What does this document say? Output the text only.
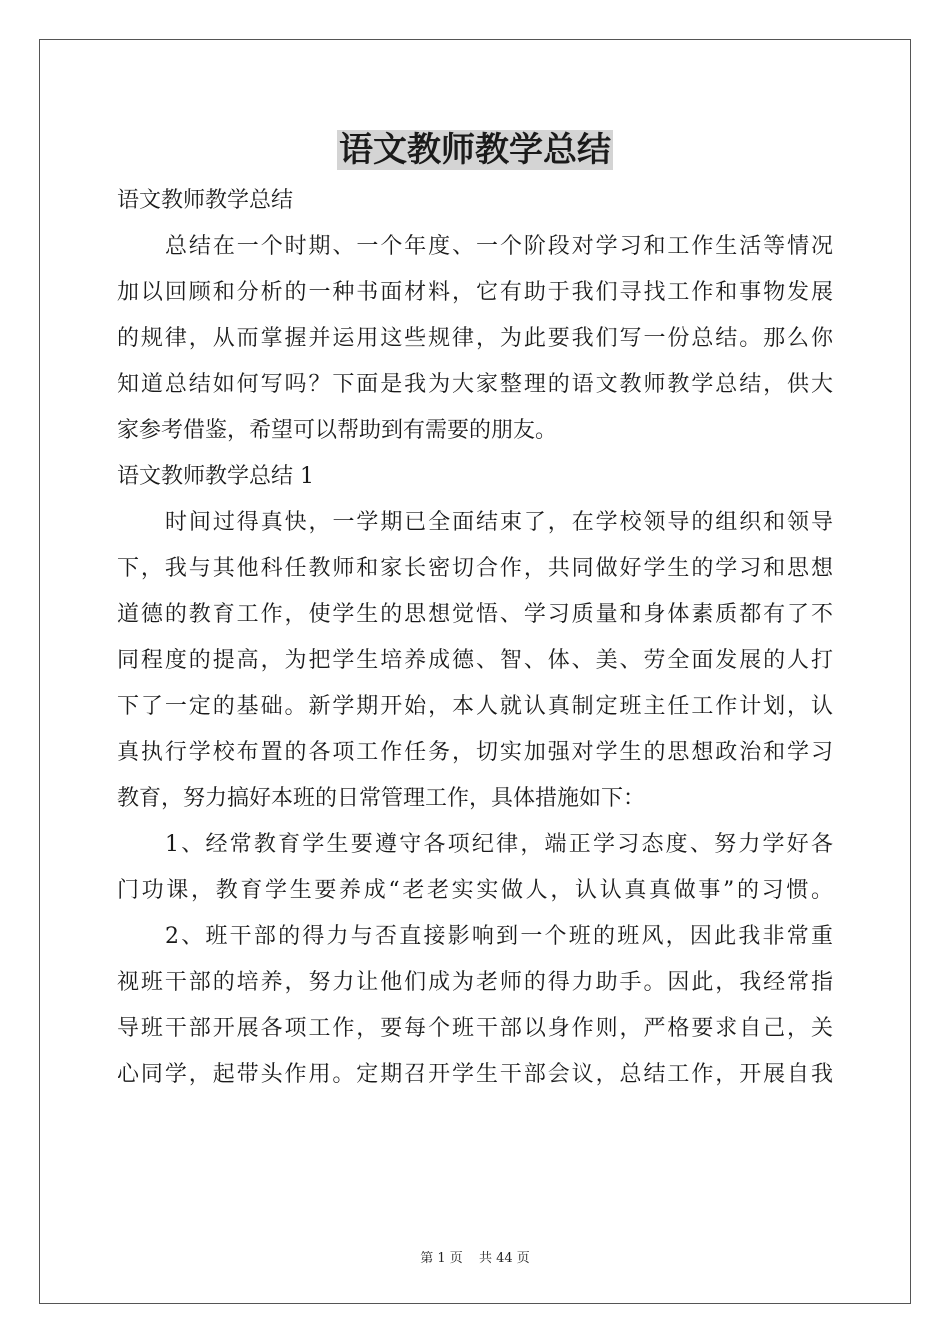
语文教师教学总结
语文教师教学总结
总结在一个时期、一个年度、一个阶段对学习和工作生活等情况
加以回顾和分析的一种书面材料，它有助于我们寻找工作和事物发展
的规律，从而掌握并运用这些规律，为此要我们写一份总结。那么你
知道总结如何写吗？下面是我为大家整理的语文教师教学总结，供大
家参考借鉴，希望可以帮助到有需要的朋友。
语文教师教学总结 1
时间过得真快，一学期已全面结束了，在学校领导的组织和领导
下，我与其他科任教师和家长密切合作，共同做好学生的学习和思想
道德的教育工作，使学生的思想觉悟、学习质量和身体素质都有了不
同程度的提高，为把学生培养成德、智、体、美、劳全面发展的人打
下了一定的基础。新学期开始，本人就认真制定班主任工作计划，认
真执行学校布置的各项工作任务，切实加强对学生的思想政治和学习
教育，努力搞好本班的日常管理工作，具体措施如下：
1、经常教育学生要遵守各项纪律，端正学习态度、努力学好各
门功课，教育学生要养成“老老实实做人，认认真真做事”的习惯。
2、班干部的得力与否直接影响到一个班的班风，因此我非常重
视班干部的培养，努力让他们成为老师的得力助手。因此，我经常指
导班干部开展各项工作，要每个班干部以身作则，严格要求自己，关
心同学，起带头作用。定期召开学生干部会议，总结工作，开展自我
第 1 页 共 44 页
